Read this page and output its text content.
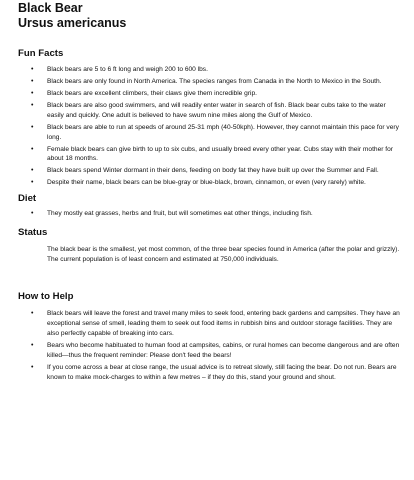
Black Bear
Ursus americanus
Fun Facts
• Black bears are 5 to 6 ft long and weigh 200 to 600 lbs.
• Black bears are only found in North America. The species ranges from Canada in the North to Mexico in the South.
• Black bears are excellent climbers, their claws give them incredible grip.
• Black bears are also good swimmers, and will readily enter water in search of fish. Black bear cubs take to the water easily and quickly. One adult is believed to have swum nine miles along the Gulf of Mexico.
• Black bears are able to run at speeds of around 25-31 mph (40-50kph). However, they cannot maintain this pace for very long.
• Female black bears can give birth to up to six cubs, and usually breed every other year. Cubs stay with their mother for about 18 months.
• Black bears spend Winter dormant in their dens, feeding on body fat they have built up over the Summer and Fall.
• Despite their name, black bears can be blue-gray or blue-black, brown, cinnamon, or even (very rarely) white.
Diet
• They mostly eat grasses, herbs and fruit, but will sometimes eat other things, including fish.
Status

The black bear is the smallest, yet most common, of the three bear species found in America (after the polar and grizzly). The current population is of least concern and estimated at 750,000 individuals.

How to Help
• Black bears will leave the forest and travel many miles to seek food, entering back gardens and campsites. They have an exceptional sense of smell, leading them to seek out food items in rubbish bins and outdoor storage facilities. They are also perfectly capable of breaking into cars.
• Bears who become habituated to human food at campsites, cabins, or rural homes can become dangerous and are often killed—thus the frequent reminder: Please don't feed the bears!
• If you come across a bear at close range, the usual advice is to retreat slowly, still facing the bear. Do not run. Bears are known to make mock-charges to within a few metres – if they do this, stand your ground and shout.
